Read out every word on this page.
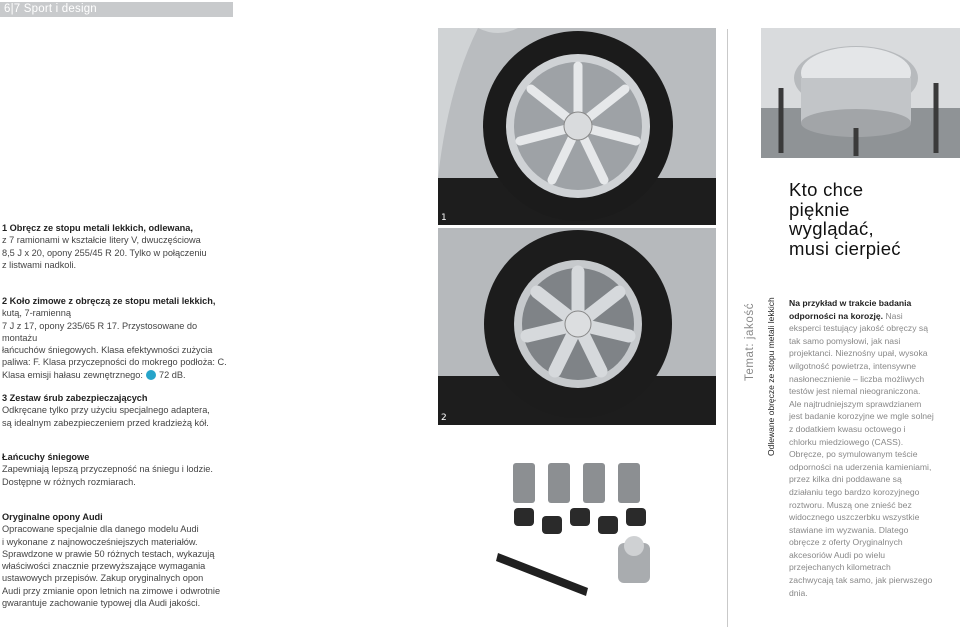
6|7 Sport i design
1 Obręcz ze stopu metali lekkich, odlewana,
z 7 ramionami w kształcie litery V, dwuczęściowa
8,5 J x 20, opony 255/45 R 20. Tylko w połączeniu
z listwami nadkoli.
2 Koło zimowe z obręczą ze stopu metali lekkich,
kutą, 7-ramienną
7 J z 17, opony 235/65 R 17. Przystosowane do montażu
łańcuchów śniegowych. Klasa efektywności zużycia
paliwa: F. Klasa przyczepności do mokrego podłoża: C.
Klasa emisji hałasu zewnętrznego: 72 dB.
3 Zestaw śrub zabezpieczających
Odkręcane tylko przy użyciu specjalnego adaptera,
są idealnym zabezpieczeniem przed kradzieżą kół.
Łańcuchy śniegowe
Zapewniają lepszą przyczepność na śniegu i lodzie.
Dostępne w różnych rozmiarach.
Oryginalne opony Audi
Opracowane specjalnie dla danego modelu Audi
i wykonane z najnowocześniejszych materiałów.
Sprawdzone w prawie 50 różnych testach, wykazują
właściwości znacznie przewyższające wymagania
ustawowych przepisów. Zakup oryginalnych opon
Audi przy zmianie opon letnich na zimowe i odwrotnie
gwarantuje zachowanie typowej dla Audi jakości.
1
2
3
Kto chce
pięknie
wyglądać,
musi cierpieć
Temat: jakość Odlewane obręcze ze stopu metali lekkich Na przykład w trakcie badania odporności na korozję. Nasi eksperci testujący jakość obręczy są tak samo pomysłowi, jak nasi projektanci. Nieznośny upał, wysoka wilgotność powietrza, intensywne nasłonecznienie – liczba możliwych testów jest niemal nieograniczona. Ale najtrudniejszym sprawdzianem jest badanie korozyjne we mgle solnej z dodatkiem kwasu octowego i chlorku miedziowego (CASS). Obręcze, po symulowanym teście odporności na uderzenia kamieniami, przez kilka dni poddawane są działaniu tego bardzo korozyjnego roztworu. Muszą one znieść bez widocznego uszczerbku wszystkie stawiane im wyzwania. Dlatego obręcze z oferty Oryginalnych akcesoriów Audi po wielu przejechanych kilometrach zachwycają tak samo, jak pierwszego dnia.
